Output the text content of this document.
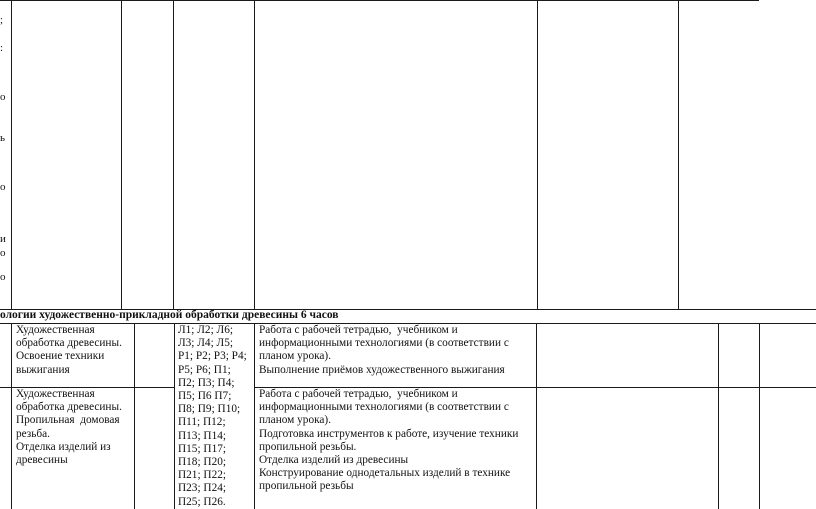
;
:
о
ь
о
и
о
о
ологии художественно-прикладной обработки древесины 6 часов
Художественная
обработка древесины.
Освоение техники
выжигания
Работа с рабочей тетрадью,  учебником и
информационными технологиями (в соответствии с
планом урока).
Выполнение приёмов художественного выжигания
Л1; Л2; Л6;
Л3; Л4; Л5;
Р1; Р2; Р3; Р4;
Р5; Р6; П1;
П2; П3; П4;
П5; П6 П7;
П8; П9; П10;
П11; П12;
П13; П14;
П15; П17;
П18; П20;
П21; П22;
П23; П24;
П25; П26.
Художественная
обработка древесины.
Пропильная  домовая
резьба.
Отделка изделий из
древесины
Работа с рабочей тетрадью,  учебником и
информационными технологиями (в соответствии с
планом урока).
Подготовка инструментов к работе, изучение техники
пропильной резьбы.
Отделка изделий из древесины
Конструирование однодетальных изделий в технике
пропильной резьбы
